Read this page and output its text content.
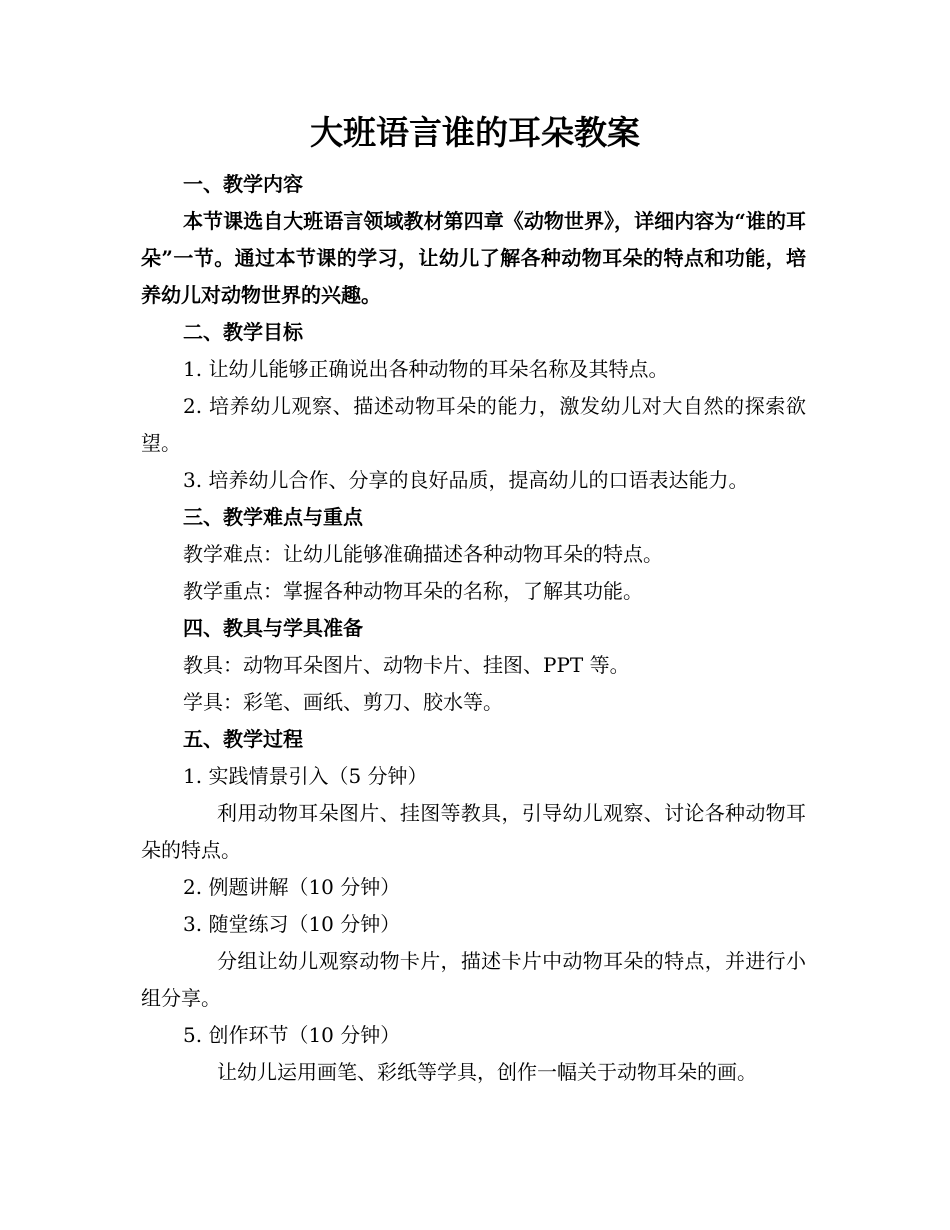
大班语言谁的耳朵教案

一、教学内容

本节课选自大班语言领域教材第四章《动物世界》，详细内容为“谁的耳朵”一节。通过本节课的学习，让幼儿了解各种动物耳朵的特点和功能，培养幼儿对动物世界的兴趣。

二、教学目标

1. 让幼儿能够正确说出各种动物的耳朵名称及其特点。

2. 培养幼儿观察、描述动物耳朵的能力，激发幼儿对大自然的探索欲望。

3. 培养幼儿合作、分享的良好品质，提高幼儿的口语表达能力。

三、教学难点与重点

教学难点：让幼儿能够准确描述各种动物耳朵的特点。

教学重点：掌握各种动物耳朵的名称，了解其功能。

四、教具与学具准备

教具：动物耳朵图片、动物卡片、挂图、PPT 等。

学具：彩笔、画纸、剪刀、胶水等。

五、教学过程

1. 实践情景引入（5 分钟）

利用动物耳朵图片、挂图等教具，引导幼儿观察、讨论各种动物耳朵的特点。

2. 例题讲解（10 分钟）

3. 随堂练习（10 分钟）

分组让幼儿观察动物卡片，描述卡片中动物耳朵的特点，并进行小组分享。

5. 创作环节（10 分钟）

让幼儿运用画笔、彩纸等学具，创作一幅关于动物耳朵的画。
